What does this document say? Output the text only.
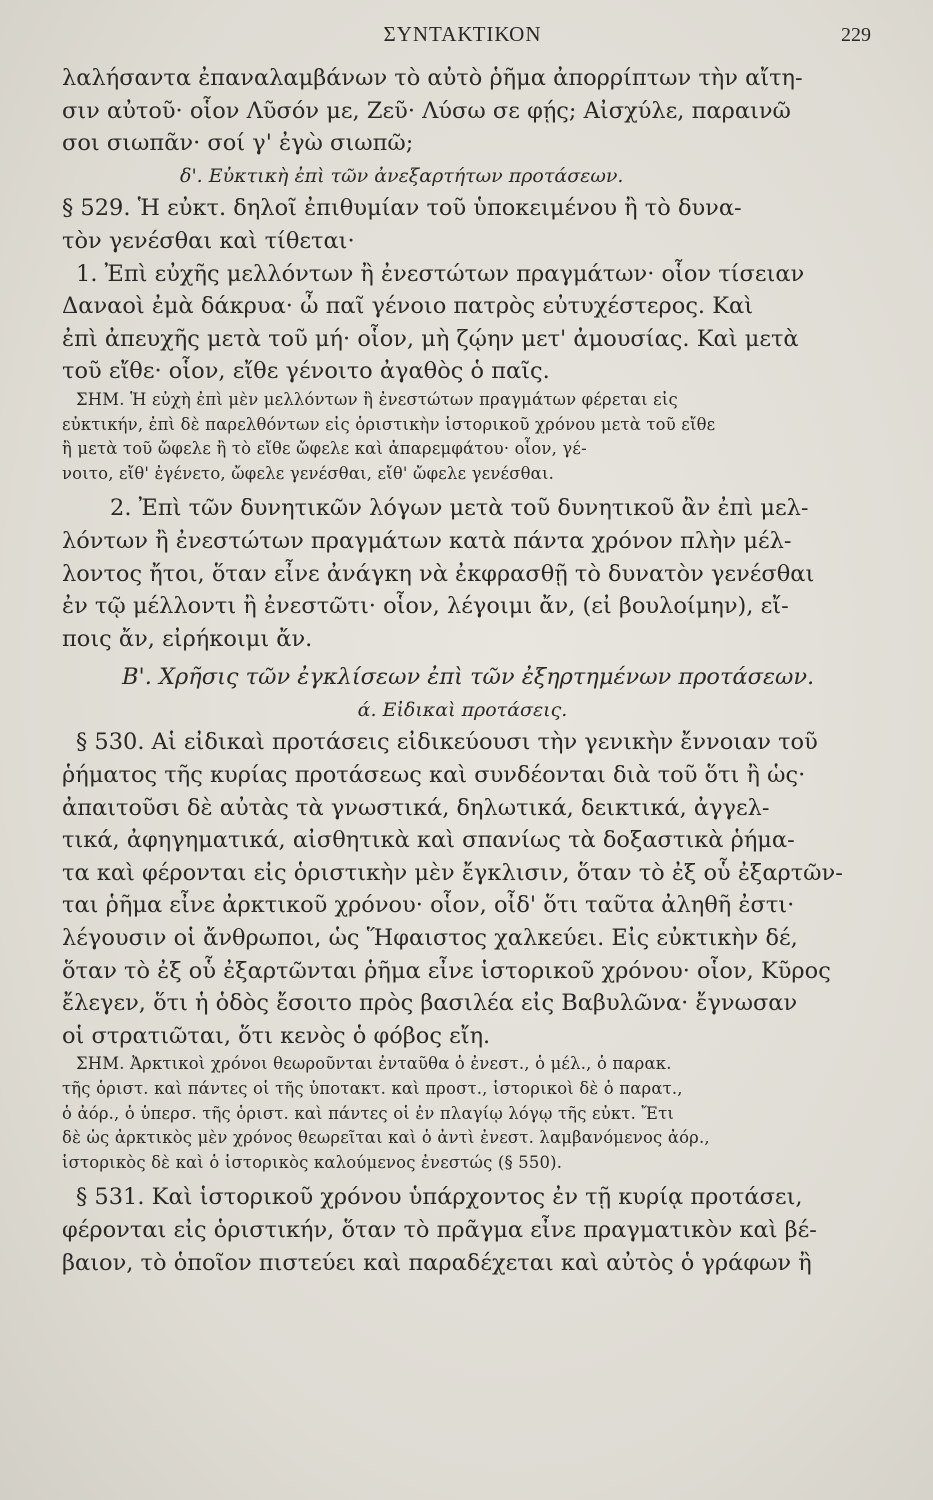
ΣΥΝΤΑΚΤΙΚΟΝ	229
λαλήσαντα ἐπαναλαμβάνων τὸ αὐτὸ ῥῆμα ἀπορρίπτων τὴν αἴτη-
σιν αὐτοῦ· οἷον Λῦσόν με, Ζεῦ· Λύσω σε φῄς; Αἰσχύλε, παραινῶ
σοι σιωπᾶν· σοί γ' ἐγὼ σιωπῶ;
δ'. Εὐκτικὴ ἐπὶ τῶν ἀνεξαρτήτων προτάσεων.
§ 529. Ἡ εὐκτ. δηλοῖ ἐπιθυμίαν τοῦ ὑποκειμένου ἢ τὸ δυνα-
τὸν γενέσθαι καὶ τίθεται·
1. Ἐπὶ εὐχῆς μελλόντων ἢ ἐνεστώτων πραγμάτων· οἷον τίσειαν
Δαναοὶ ἐμὰ δάκρυα· ὦ παῖ γένοιο πατρὸς εὐτυχέστερος. Καὶ
ἐπὶ ἀπευχῆς μετὰ τοῦ μή· οἷον, μὴ ζῴην μετ' ἀμουσίας. Καὶ μετὰ
τοῦ εἴθε· οἷον, εἴθε γένοιτο ἀγαθὸς ὁ παῖς.
ΣΗΜ. Ἡ εὐχὴ ἐπὶ μὲν μελλόντων ἢ ἐνεστώτων πραγμάτων φέρεται εἰς
εὐκτικήν, ἐπὶ δὲ παρελθόντων εἰς ὁριστικὴν ἱστορικοῦ χρόνου μετὰ τοῦ εἴθε
ἢ μετὰ τοῦ ὤφελε ἢ τὸ εἴθε ὤφελε καὶ ἀπαρεμφάτου· οἷον, γέ-
νοιτο, εἴθ' ἐγένετο, ὤφελε γενέσθαι, εἴθ' ὤφελε γενέσθαι.
2. Ἐπὶ τῶν δυνητικῶν λόγων μετὰ τοῦ δυνητικοῦ ἂν ἐπὶ μελ-
λόντων ἢ ἐνεστώτων πραγμάτων κατὰ πάντα χρόνον πλὴν μέλ-
λοντος ἤτοι, ὅταν εἶνε ἀνάγκη νὰ ἐκφρασθῇ τὸ δυνατὸν γενέσθαι
ἐν τῷ μέλλοντι ἢ ἐνεστῶτι· οἷον, λέγοιμι ἄν, (εἰ βουλοίμην), εἴ-
ποις ἄν, εἰρήκοιμι ἄν.
Β'. Χρῆσις τῶν ἐγκλίσεων ἐπὶ τῶν ἐξηρτημένων προτάσεων.
ά. Εἰδικαὶ προτάσεις.
§ 530. Αἱ εἰδικαὶ προτάσεις εἰδικεύουσι τὴν γενικὴν ἔννοιαν τοῦ
ῥήματος τῆς κυρίας προτάσεως καὶ συνδέονται διὰ τοῦ ὅτι ἢ ὡς·
ἀπαιτοῦσι δὲ αὐτὰς τὰ γνωστικά, δηλωτικά, δεικτικά, ἀγγελ-
τικά, ἀφηγηματικά, αἰσθητικὰ καὶ σπανίως τὰ δοξαστικὰ ῥήμα-
τα καὶ φέρονται εἰς ὁριστικὴν μὲν ἔγκλισιν, ὅταν τὸ ἐξ οὗ ἐξαρτῶν-
ται ῥῆμα εἶνε ἀρκτικοῦ χρόνου· οἷον, οἶδ' ὅτι ταῦτα ἀληθῆ ἐστι·
λέγουσιν οἱ ἄνθρωποι, ὡς Ἥφαιστος χαλκεύει. Εἰς εὐκτικὴν δέ,
ὅταν τὸ ἐξ οὗ ἐξαρτῶνται ῥῆμα εἶνε ἱστορικοῦ χρόνου· οἷον, Κῦρος
ἔλεγεν, ὅτι ἡ ὁδὸς ἔσοιτο πρὸς βασιλέα εἰς Βαβυλῶνα· ἔγνωσαν
οἱ στρατιῶται, ὅτι κενὸς ὁ φόβος εἴη.
ΣΗΜ. Ἀρκτικοὶ χρόνοι θεωροῦνται ἐνταῦθα ὁ ἐνεστ., ὁ μέλ., ὁ παρακ.
τῆς ὁριστ. καὶ πάντες οἱ τῆς ὑποτακτ. καὶ προστ., ἱστορικοὶ δὲ ὁ παρατ.,
ὁ ἀόρ., ὁ ὑπερσ. τῆς ὁριστ. καὶ πάντες οἱ ἐν πλαγίῳ λόγῳ τῆς εὐκτ. Ἔτι
δὲ ὡς ἀρκτικὸς μὲν χρόνος θεωρεῖται καὶ ὁ ἀντὶ ἐνεστ. λαμβανόμενος ἀόρ.,
ἱστορικὸς δὲ καὶ ὁ ἱστορικὸς καλούμενος ἐνεστώς (§ 550).
§ 531. Καὶ ἱστορικοῦ χρόνου ὑπάρχοντος ἐν τῇ κυρίᾳ προτάσει,
φέρονται εἰς ὁριστικήν, ὅταν τὸ πρᾶγμα εἶνε πραγματικὸν καὶ βέ-
βαιον, τὸ ὁποῖον πιστεύει καὶ παραδέχεται καὶ αὐτὸς ὁ γράφων ἢ
